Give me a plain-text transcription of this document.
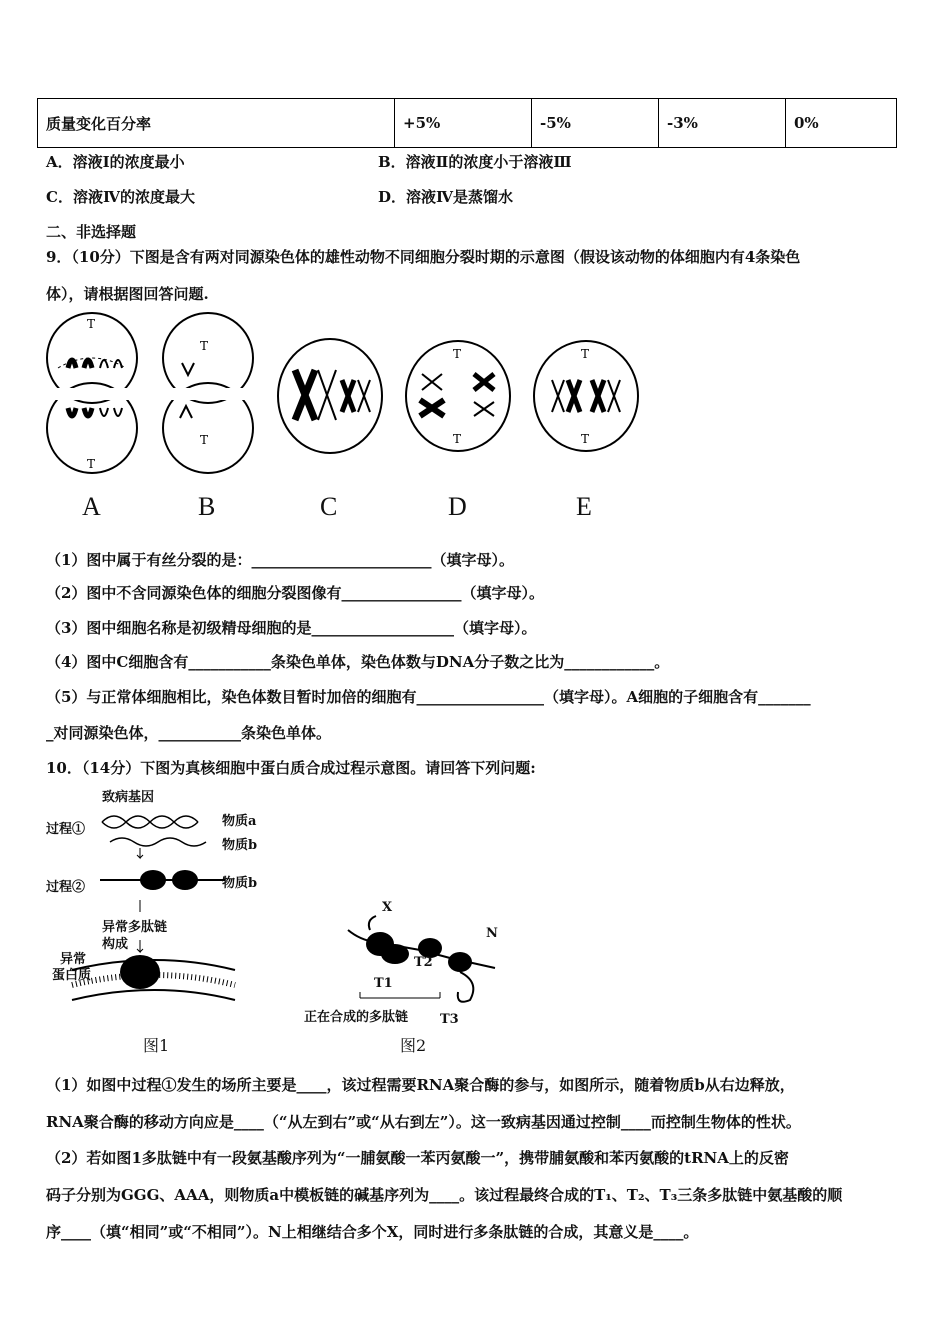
质量变化百分率	+5%	-5%	-3%	0%
A．溶液Ⅰ的浓度最小	B．溶液Ⅱ的浓度小于溶液Ⅲ
C．溶液Ⅳ的浓度最大	D．溶液Ⅳ是蒸馏水
二、非选择题
9．（10分）下图是含有两对同源染色体的雄性动物不同细胞分裂时期的示意图（假设该动物的体细胞内有4条染色
体），请根据图回答问题.
T
T
T
T
T
T
T
T
A	B	C	D	E
（1）图中属于有丝分裂的是：________________________（填字母）。
（2）图中不含同源染色体的细胞分裂图像有________________（填字母）。
（3）图中细胞名称是初级精母细胞的是___________________（填字母）。
（4）图中C细胞含有___________条染色单体，染色体数与DNA分子数之比为____________。
（5）与正常体细胞相比，染色体数目暂时加倍的细胞有_________________（填字母）。A细胞的子细胞含有_______
_对同源染色体，___________条染色单体。
10．（14分）下图为真核细胞中蛋白质合成过程示意图。请回答下列问题:
致病基因
过程①
物质a
物质b
过程②	物质b
异常多肽链
构成
异常
蛋白质
图1
X
N
T1
T2
T3
正在合成的多肽链
图2
（1）如图中过程①发生的场所主要是____，该过程需要RNA聚合酶的参与，如图所示，随着物质b从右边释放，
RNA聚合酶的移动方向应是____（“从左到右”或“从右到左”）。这一致病基因通过控制____而控制生物体的性状。
（2）若如图1多肽链中有一段氨基酸序列为“一脯氨酸一苯丙氨酸一”，携带脯氨酸和苯丙氨酸的tRNA上的反密
码子分别为GGG、AAA，则物质a中模板链的碱基序列为____。该过程最终合成的T₁、T₂、T₃三条多肽链中氨基酸的顺
序____（填“相同”或“不相同”）。N上相继结合多个X，同时进行多条肽链的合成，其意义是____。
